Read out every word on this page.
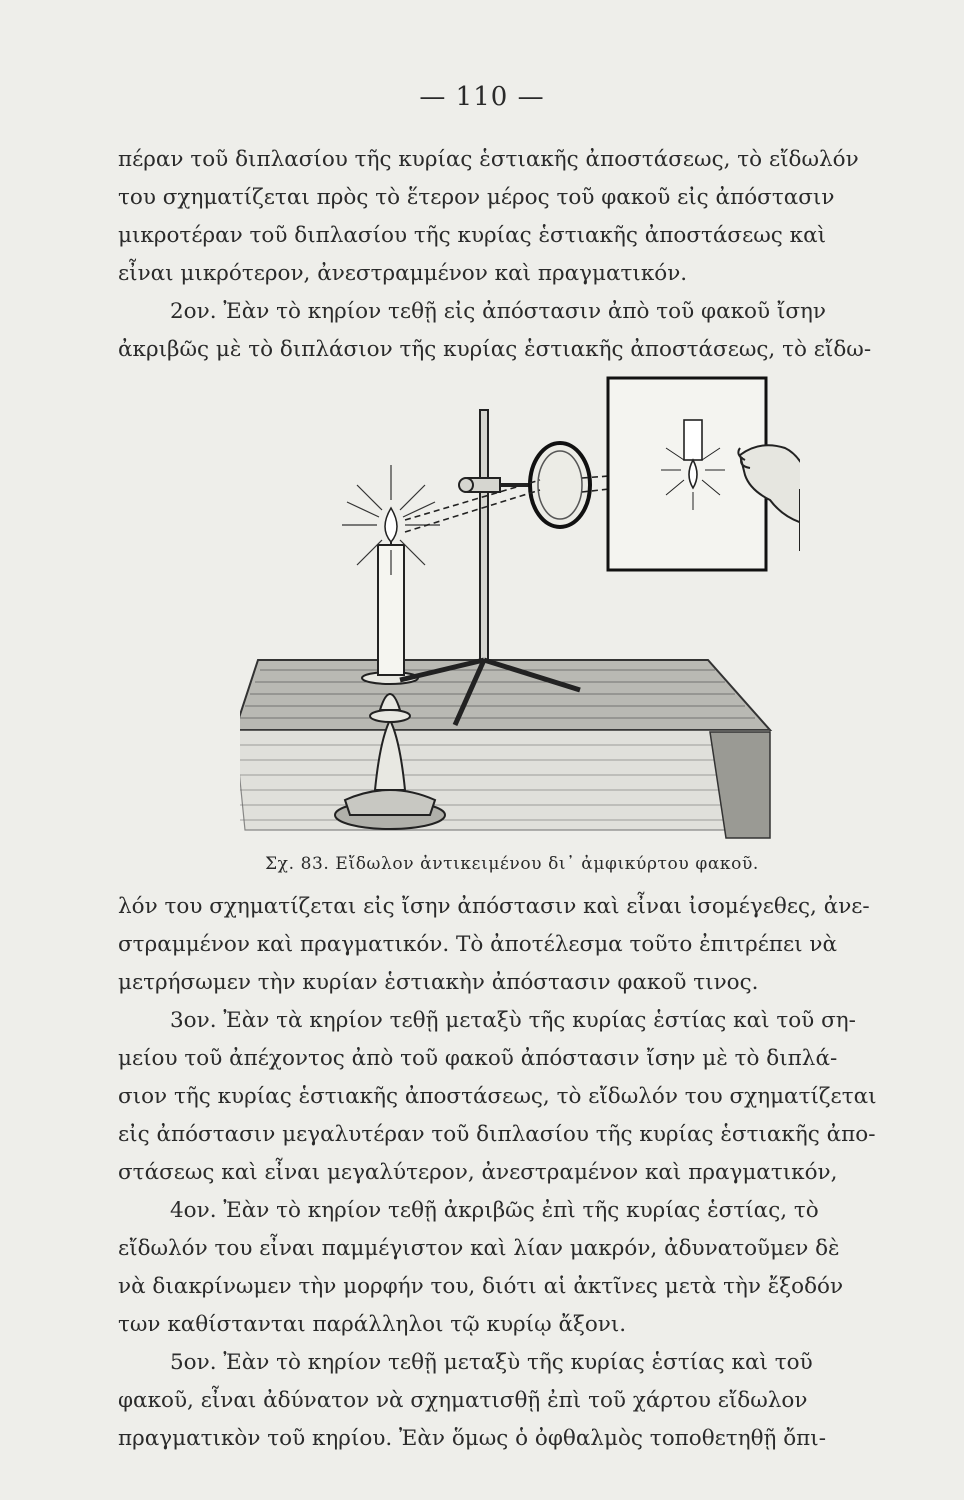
— 110 —
πέραν τοῦ διπλασίου τῆς κυρίας ἑστιακῆς ἀποστάσεως, τὸ εἴδωλόν
του σχηματίζεται πρὸς τὸ ἕτερον μέρος τοῦ φακοῦ εἰς ἀπόστασιν
μικροτέραν τοῦ διπλασίου τῆς κυρίας ἑστιακῆς ἀποστάσεως καὶ
εἶναι μικρότερον, ἀνεστραμμένον καὶ πραγματικόν.
2ον. Ἐὰν τὸ κηρίον τεθῇ εἰς ἀπόστασιν ἀπὸ τοῦ φακοῦ ἴσην
ἀκριβῶς μὲ τὸ διπλάσιον τῆς κυρίας ἑστιακῆς ἀποστάσεως, τὸ εἴδω-
Σχ. 83. Εἴδωλον ἀντικειμένου δι᾽ ἀμφικύρτου φακοῦ.
λόν του σχηματίζεται εἰς ἴσην ἀπόστασιν καὶ εἶναι ἰσομέγεθες, ἀνε-
στραμμένον καὶ πραγματικόν. Τὸ ἀποτέλεσμα τοῦτο ἐπιτρέπει νὰ
μετρήσωμεν τὴν κυρίαν ἑστιακὴν ἀπόστασιν φακοῦ τινος.
3ον. Ἐὰν τὰ κηρίον τεθῇ μεταξὺ τῆς κυρίας ἑστίας καὶ τοῦ ση-
μείου τοῦ ἀπέχοντος ἀπὸ τοῦ φακοῦ ἀπόστασιν ἴσην μὲ τὸ διπλά-
σιον τῆς κυρίας ἑστιακῆς ἀποστάσεως, τὸ εἴδωλόν του σχηματίζεται
εἰς ἀπόστασιν μεγαλυτέραν τοῦ διπλασίου τῆς κυρίας ἑστιακῆς ἀπο-
στάσεως καὶ εἶναι μεγαλύτερον, ἀνεστραμένον καὶ πραγματικόν,
4ον. Ἐὰν τὸ κηρίον τεθῇ ἀκριβῶς ἐπὶ τῆς κυρίας ἑστίας, τὸ
εἴδωλόν του εἶναι παμμέγιστον καὶ λίαν μακρόν, ἀδυνατοῦμεν δὲ
νὰ διακρίνωμεν τὴν μορφήν του, διότι αἱ ἀκτῖνες μετὰ τὴν ἔξοδόν
των καθίστανται παράλληλοι τῷ κυρίῳ ἄξονι.
5ον. Ἐὰν τὸ κηρίον τεθῇ μεταξὺ τῆς κυρίας ἑστίας καὶ τοῦ
φακοῦ, εἶναι ἀδύνατον νὰ σχηματισθῇ ἐπὶ τοῦ χάρτου εἴδωλον
πραγματικὸν τοῦ κηρίου. Ἐὰν ὅμως ὁ ὀφθαλμὸς τοποθετηθῇ ὄπι-
